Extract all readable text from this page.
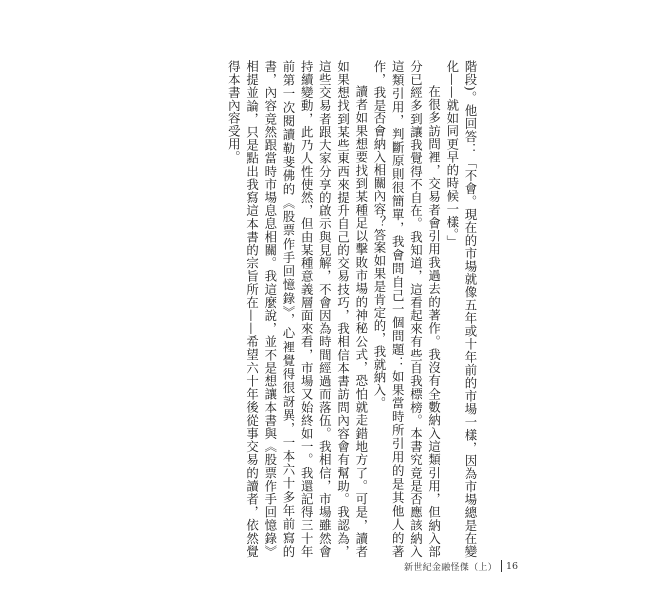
階段)。他回答：「不會。現在的市場就像五年或十年前的市場一樣，因為市場總是在變化——就如同更早的時候一樣。」

在很多訪問裡，交易者會引用我過去的著作。我沒有全數納入這類引用，但納入部分已經多到讓我覺得不自在。我知道，這看起來有些自我標榜。本書究竟是否應該納入這類引用，判斷原則很簡單，我會問自己一個問題：如果當時所引用的是其他人的著作，我是否會納入相關內容？答案如果是肯定的，我就納入。

讀者如果想要找到某種足以擊敗市場的神秘公式，恐怕就走錯地方了。可是，讀者如果想找到某些東西來提升自己的交易技巧，我相信本書訪問內容會有幫助。我認為，這些交易者跟大家分享的啟示與見解，不會因為時間經過而落伍。我相信，市場雖然會持續變動，此乃人性使然，但由某種意義層面來看，市場又始終如一。我還記得三十年前第一次閱讀勒斐佛的《股票作手回憶錄》，心裡覺得很訝異，一本六十多年前寫的書，內容竟然跟當時市場息息相關。我這麼說，並不是想讓本書與《股票作手回憶錄》相提並論，只是點出我寫這本書的宗旨所在——希望六十年後從事交易的讀者，依然覺得本書內容受用。

新世紀金融怪傑（上） 16
